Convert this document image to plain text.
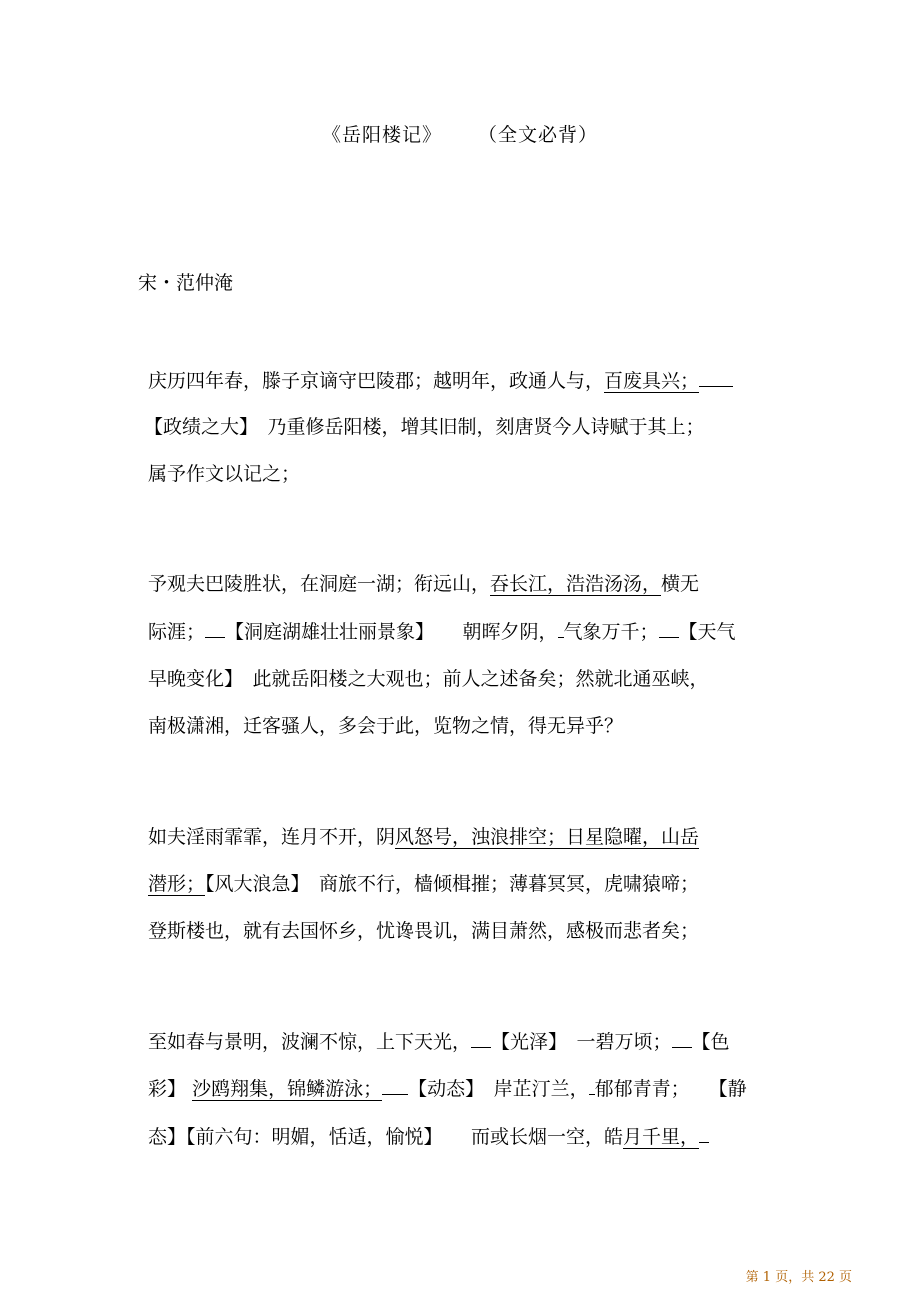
《岳阳楼记》 （全文必背）
宋・范仲淹
庆历四年春，滕子京谪守巴陵郡；越明年，政通人与，百废具兴；
【政绩之大】　乃重修岳阳楼，增其旧制，刻唐贤今人诗赋于其上；
属予作文以记之；
予观夫巴陵胜状，在洞庭一湖；衔远山，吞长江，浩浩汤汤，横无
际涯； 【洞庭湖雄壮壮丽景象】　　朝晖夕阴， 气象万千； 【天气
早晚变化】　此就岳阳楼之大观也；前人之述备矣；然就北通巫峡，
南极潇湘，迁客骚人，多会于此，览物之情，得无异乎？
如夫淫雨霏霏，连月不开，阴风怒号，浊浪排空；日星隐曜，山岳
潜形；【风大浪急】　商旅不行，樯倾楫摧；薄暮冥冥，虎啸猿啼；
登斯楼也，就有去国怀乡，忧谗畏讥，满目萧然，感极而悲者矣；
至如春与景明，波澜不惊，上下天光， 【光泽】　一碧万顷； 【色
彩】 沙鸥翔集，锦鳞游泳； 【动态】　岸芷汀兰， 郁郁青青；　　【静
态】【前六句：明媚，恬适，愉悦】　　而或长烟一空，皓月千里，
第 1 页，共 22 页
